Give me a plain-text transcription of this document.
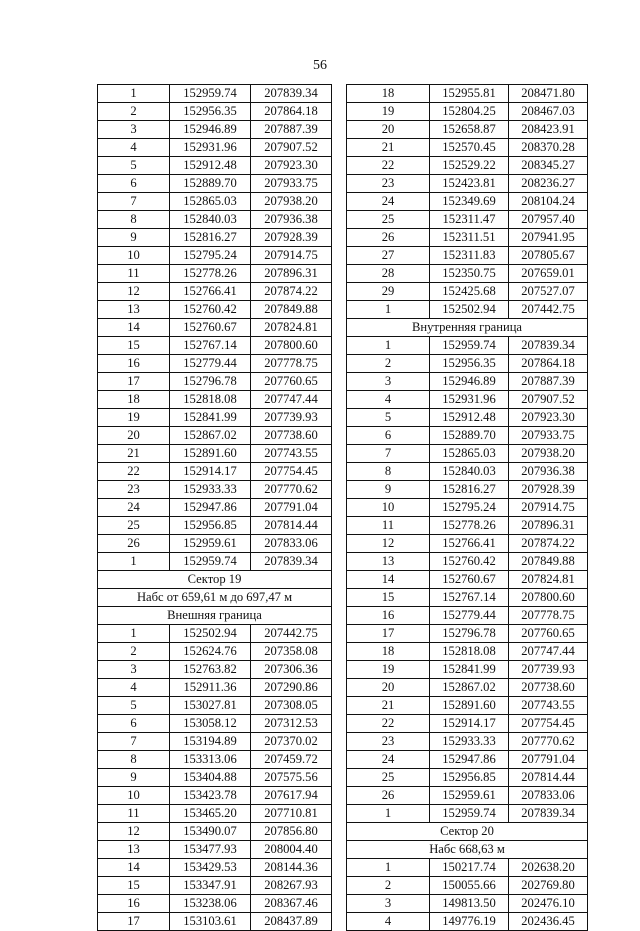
56
1	152959.74	207839.34
2	152956.35	207864.18
3	152946.89	207887.39
4	152931.96	207907.52
5	152912.48	207923.30
6	152889.70	207933.75
7	152865.03	207938.20
8	152840.03	207936.38
9	152816.27	207928.39
10	152795.24	207914.75
11	152778.26	207896.31
12	152766.41	207874.22
13	152760.42	207849.88
14	152760.67	207824.81
15	152767.14	207800.60
16	152779.44	207778.75
17	152796.78	207760.65
18	152818.08	207747.44
19	152841.99	207739.93
20	152867.02	207738.60
21	152891.60	207743.55
22	152914.17	207754.45
23	152933.33	207770.62
24	152947.86	207791.04
25	152956.85	207814.44
26	152959.61	207833.06
1	152959.74	207839.34
Сектор 19		
Набс от 659,61 м до 697,47 м		
Внешняя граница		
1	152502.94	207442.75
2	152624.76	207358.08
3	152763.82	207306.36
4	152911.36	207290.86
5	153027.81	207308.05
6	153058.12	207312.53
7	153194.89	207370.02
8	153313.06	207459.72
9	153404.88	207575.56
10	153423.78	207617.94
11	153465.20	207710.81
12	153490.07	207856.80
13	153477.93	208004.40
14	153429.53	208144.36
15	153347.91	208267.93
16	153238.06	208367.46
17	153103.61	208437.89
18	152955.81	208471.80
19	152804.25	208467.03
20	152658.87	208423.91
21	152570.45	208370.28
22	152529.22	208345.27
23	152423.81	208236.27
24	152349.69	208104.24
25	152311.47	207957.40
26	152311.51	207941.95
27	152311.83	207805.67
28	152350.75	207659.01
29	152425.68	207527.07
1	152502.94	207442.75
Внутренняя граница		
1	152959.74	207839.34
2	152956.35	207864.18
3	152946.89	207887.39
4	152931.96	207907.52
5	152912.48	207923.30
6	152889.70	207933.75
7	152865.03	207938.20
8	152840.03	207936.38
9	152816.27	207928.39
10	152795.24	207914.75
11	152778.26	207896.31
12	152766.41	207874.22
13	152760.42	207849.88
14	152760.67	207824.81
15	152767.14	207800.60
16	152779.44	207778.75
17	152796.78	207760.65
18	152818.08	207747.44
19	152841.99	207739.93
20	152867.02	207738.60
21	152891.60	207743.55
22	152914.17	207754.45
23	152933.33	207770.62
24	152947.86	207791.04
25	152956.85	207814.44
26	152959.61	207833.06
1	152959.74	207839.34
Сектор 20		
Набс 668,63 м		
1	150217.74	202638.20
2	150055.66	202769.80
3	149813.50	202476.10
4	149776.19	202436.45
